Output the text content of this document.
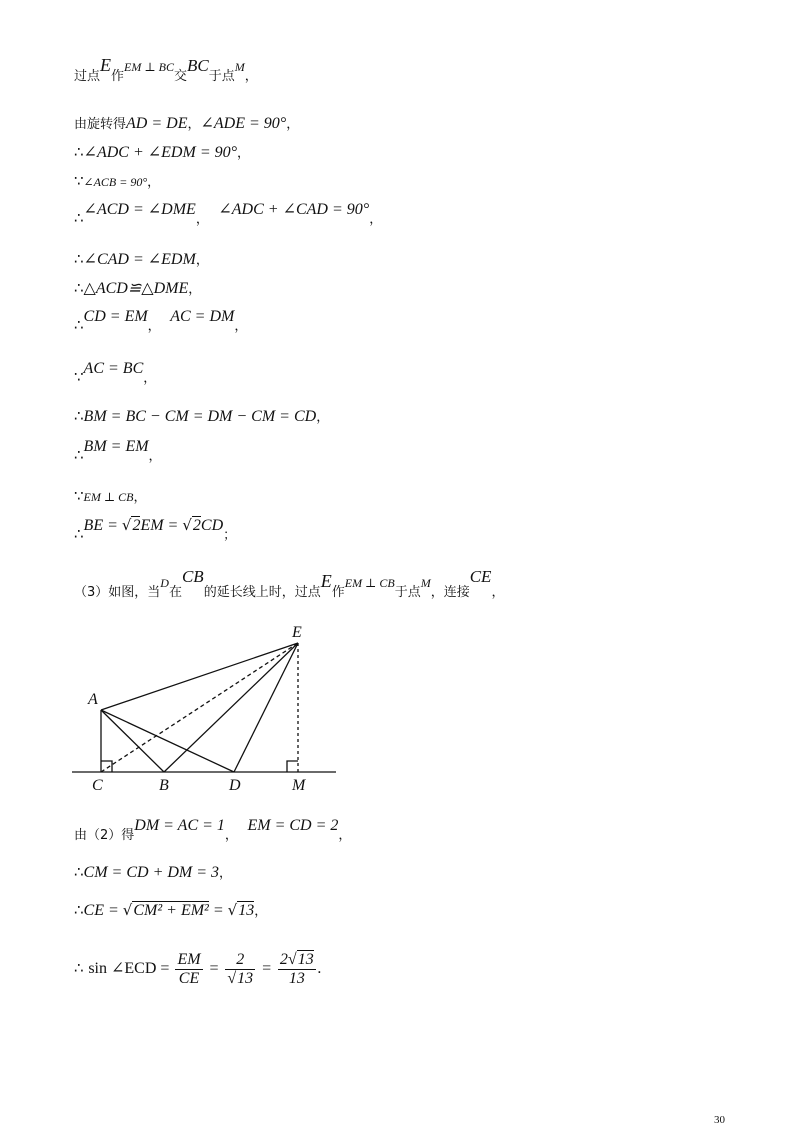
过点E作$^{EM \perp BC}$交BC于点$^M$，
由旋转得AD = DE，∠ADE = 90°，
∴∠ADC + ∠EDM = 90°，
∵∠ACB = 90°，
∴∠ACD = ∠DME，  ∠ADC + ∠CAD = 90°，
∴∠CAD = ∠EDM，
∴△ACD≌△DME，
∴CD = EM，  AC = DM，
∵AC = BC，
∴BM = BC − CM = DM − CM = CD，
∴BM = EM，
∵EM ⊥ CB，
∴BE = √2EM = √2CD；
（3）如图，当$^D$在CB的延长线上时，过点E作$^{EM \perp CB}$于点$^M$，连接CE，
E
A
C	B	D	M
由（2）得DM = AC = 1，  EM = CD = 2，
∴CM = CD + DM = 3，
∴CE = √CM² + EM² = √13，
∴ sin ∠ECD = $\frac{EM}{CE} = \frac{2}{√13} = \frac{2√13}{13}$ .
30
